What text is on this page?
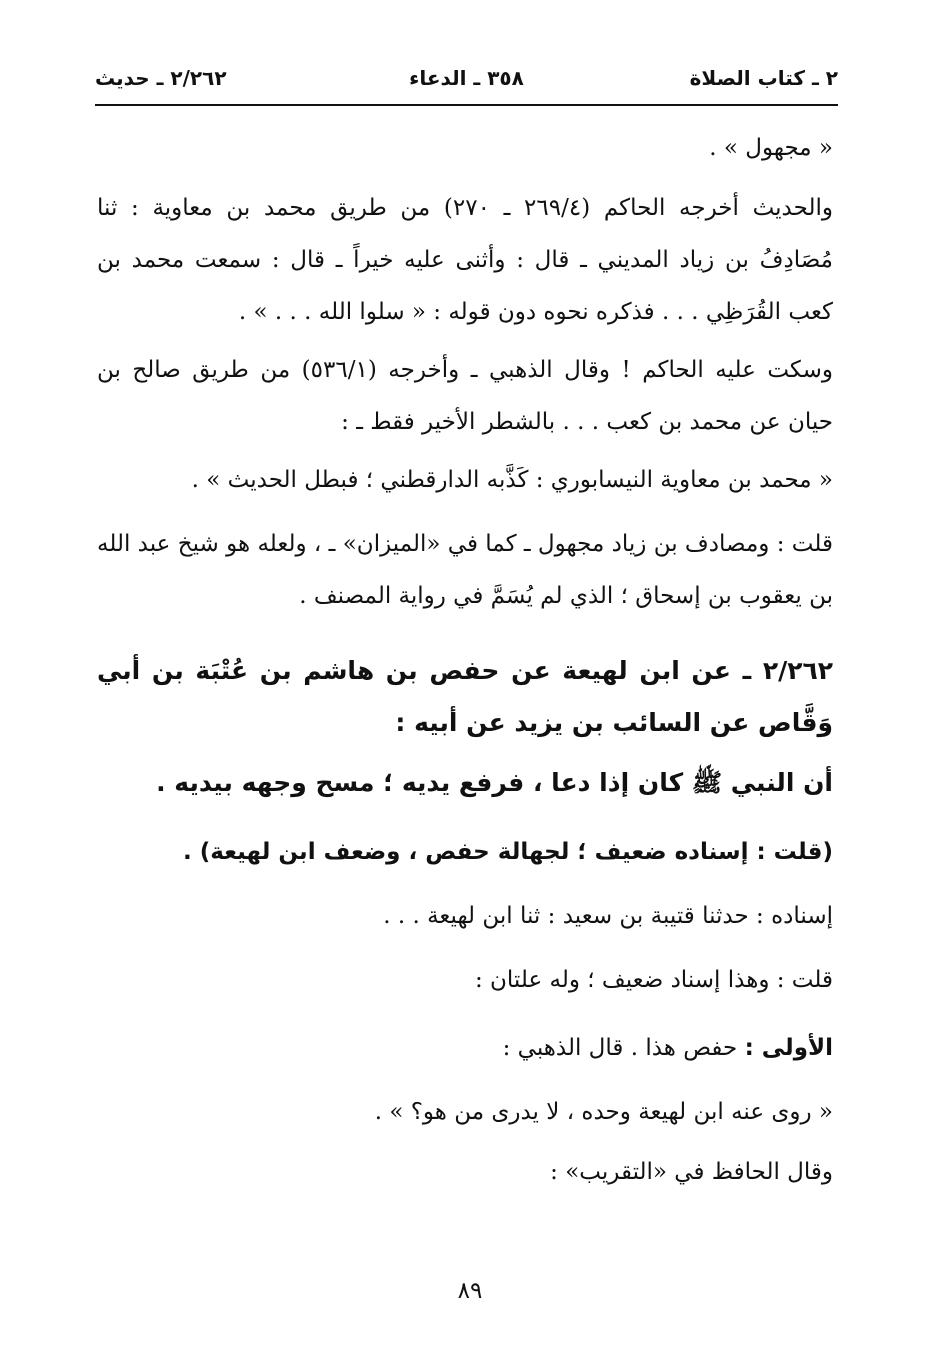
٢ ـ كتاب الصلاة
٣٥٨ ـ الدعاء
٢/٢٦٢ ـ حديث

« مجهول » .

والحديث أخرجه الحاكم (٢٦٩/٤ ـ ٢٧٠) من طريق محمد بن معاوية : ثنا مُصَادِفُ بن زياد المديني ـ قال : وأثنى عليه خيراً ـ قال : سمعت محمد بن كعب القُرَظِي . . . فذكره نحوه دون قوله : « سلوا الله . . . » .

وسكت عليه الحاكم ! وقال الذهبي ـ وأخرجه (٥٣٦/١) من طريق صالح بن حيان عن محمد بن كعب . . . بالشطر الأخير فقط ـ :

« محمد بن معاوية النيسابوري : كَذَّبه الدارقطني ؛ فبطل الحديث » .

قلت : ومصادف بن زياد مجهول ـ كما في «الميزان» ـ ، ولعله هو شيخ عبد الله بن يعقوب بن إسحاق ؛ الذي لم يُسَمَّ في رواية المصنف .

٢/٢٦٢ ـ عن ابن لهيعة عن حفص بن هاشم بن عُتْبَة بن أبي وَقَّاص عن السائب بن يزيد عن أبيه :

أن النبي ﷺ كان إذا دعا ، فرفع يديه ؛ مسح وجهه بيديه .

(قلت : إسناده ضعيف ؛ لجهالة حفص ، وضعف ابن لهيعة) .

إسناده : حدثنا قتيبة بن سعيد : ثنا ابن لهيعة . . .

قلت : وهذا إسناد ضعيف ؛ وله علتان :

الأولى : حفص هذا . قال الذهبي :

« روى عنه ابن لهيعة وحده ، لا يدرى من هو؟ » .

وقال الحافظ في «التقريب» :

٨٩
